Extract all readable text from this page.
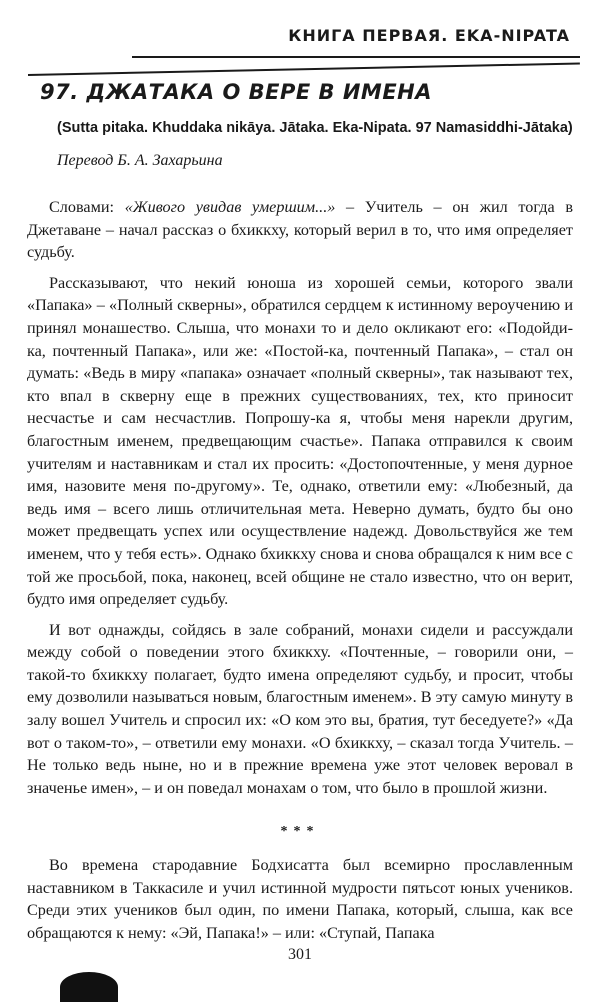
КНИГА ПЕРВАЯ. EKA-NIPATA
97. ДЖАТАКА О ВЕРЕ В ИМЕНА
(Sutta pitaka. Khuddaka nikāya. Jātaka. Eka-Nipata. 97 Namasiddhi-Jātaka)
Перевод Б. А. Захарьина

Словами: «Живого увидав умершим...» – Учитель – он жил тогда в Джетаване – начал рассказ о бхиккху, который верил в то, что имя определяет судьбу.

Рассказывают, что некий юноша из хорошей семьи, которого звали «Папака» – «Полный скверны», обратился сердцем к истинному вероучению и принял монашество. Слыша, что монахи то и дело окликают его: «Подойди-ка, почтенный Папака», или же: «Постой-ка, почтенный Папака», – стал он думать: «Ведь в миру «папака» означает «полный скверны», так называют тех, кто впал в скверну еще в прежних существованиях, тех, кто приносит несчастье и сам несчастлив. Попрошу-ка я, чтобы меня нарекли другим, благостным именем, предвещающим счастье». Папака отправился к своим учителям и наставникам и стал их просить: «Достопочтенные, у меня дурное имя, назовите меня по-другому». Те, однако, ответили ему: «Любезный, да ведь имя – всего лишь отличительная мета. Неверно думать, будто бы оно может предвещать успех или осуществление надежд. Довольствуйся же тем именем, что у тебя есть». Однако бхиккху снова и снова обращался к ним все с той же просьбой, пока, наконец, всей общине не стало известно, что он верит, будто имя определяет судьбу.

И вот однажды, сойдясь в зале собраний, монахи сидели и рассуждали между собой о поведении этого бхиккху. «Почтенные, – говорили они, – такой-то бхиккху полагает, будто имена определяют судьбу, и просит, чтобы ему дозволили называться новым, благостным именем». В эту самую минуту в залу вошел Учитель и спросил их: «О ком это вы, братия, тут беседуете?» «Да вот о таком-то», – ответили ему монахи. «О бхиккху, – сказал тогда Учитель. – Не только ведь ныне, но и в прежние времена уже этот человек веровал в значенье имен», – и он поведал монахам о том, что было в прошлой жизни.

***

Во времена стародавние Бодхисатта был всемирно прославленным наставником в Таккасиле и учил истинной мудрости пятьсот юных учеников. Среди этих учеников был один, по имени Папака, который, слыша, как все обращаются к нему: «Эй, Папака!» – или: «Ступай, Папака

301
